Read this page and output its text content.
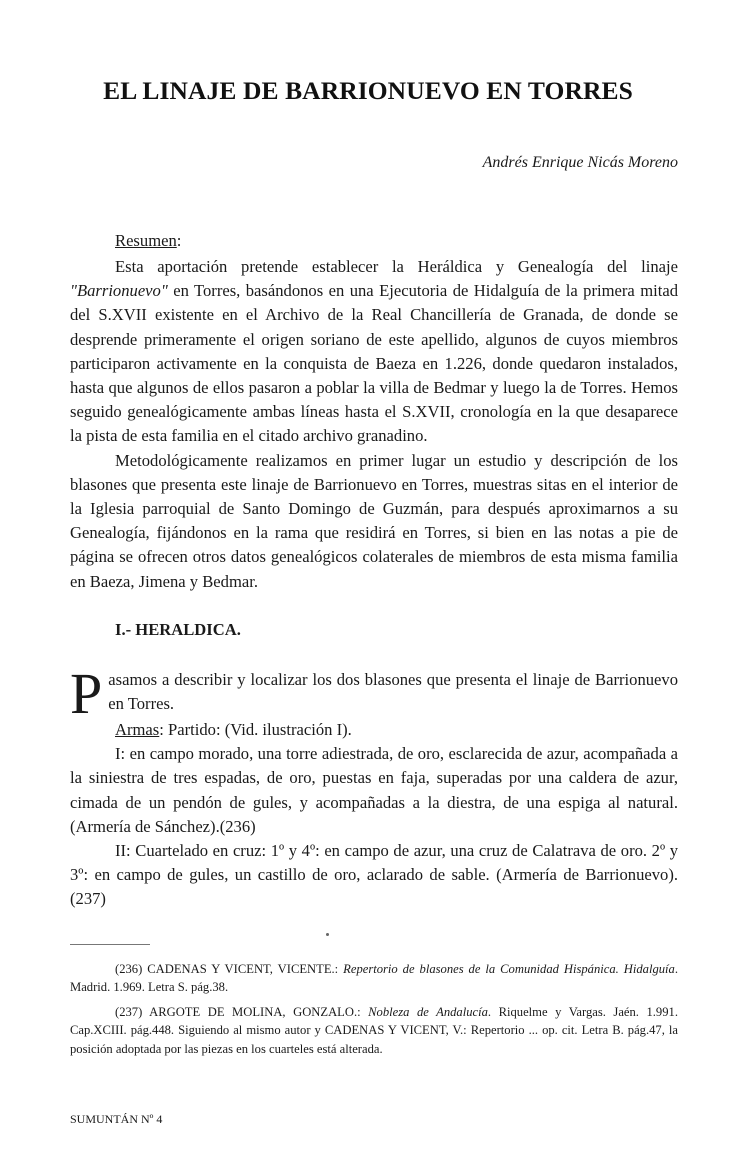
EL LINAJE DE BARRIONUEVO EN TORRES

Andrés Enrique Nicás Moreno

Resumen:

Esta aportación pretende establecer la Heráldica y Genealogía del linaje "Barrionuevo" en Torres, basándonos en una Ejecutoria de Hidalguía de la primera mitad del S.XVII existente en el Archivo de la Real Chancillería de Granada, de donde se desprende primeramente el origen soriano de este apellido, algunos de cuyos miembros participaron activamente en la conquista de Baeza en 1.226, donde quedaron instalados, hasta que algunos de ellos pasaron a poblar la villa de Bedmar y luego la de Torres. Hemos seguido genealógicamente ambas líneas hasta el S.XVII, cronología en la que desaparece la pista de esta familia en el citado archivo granadino.

Metodológicamente realizamos en primer lugar un estudio y descripción de los blasones que presenta este linaje de Barrionuevo en Torres, muestras sitas en el interior de la Iglesia parroquial de Santo Domingo de Guzmán, para después aproximarnos a su Genealogía, fijándonos en la rama que residirá en Torres, si bien en las notas a pie de página se ofrecen otros datos genealógicos colaterales de miembros de esta misma familia en Baeza, Jimena y Bedmar.

I.- HERALDICA.

Pasamos a describir y localizar los dos blasones que presenta el linaje de Barrionuevo en Torres.

Armas: Partido: (Vid. ilustración I).

I: en campo morado, una torre adiestrada, de oro, esclarecida de azur, acompañada a la siniestra de tres espadas, de oro, puestas en faja, superadas por una caldera de azur, cimada de un pendón de gules, y acompañadas a la diestra, de una espiga al natural. (Armería de Sánchez).(236)

II: Cuartelado en cruz: 1º y 4º: en campo de azur, una cruz de Calatrava de oro. 2º y 3º: en campo de gules, un castillo de oro, aclarado de sable. (Armería de Barrionuevo).(237)

(236) CADENAS Y VICENT, VICENTE.: Repertorio de blasones de la Comunidad Hispánica. Hidalguía. Madrid. 1.969. Letra S. pág.38.

(237) ARGOTE DE MOLINA, GONZALO.: Nobleza de Andalucía. Riquelme y Vargas. Jaén. 1.991. Cap.XCIII. pág.448. Siguiendo al mismo autor y CADENAS Y VICENT, V.: Repertorio ... op. cit. Letra B. pág.47, la posición adoptada por las piezas en los cuarteles está alterada.

SUMUNTÁN Nº 4
